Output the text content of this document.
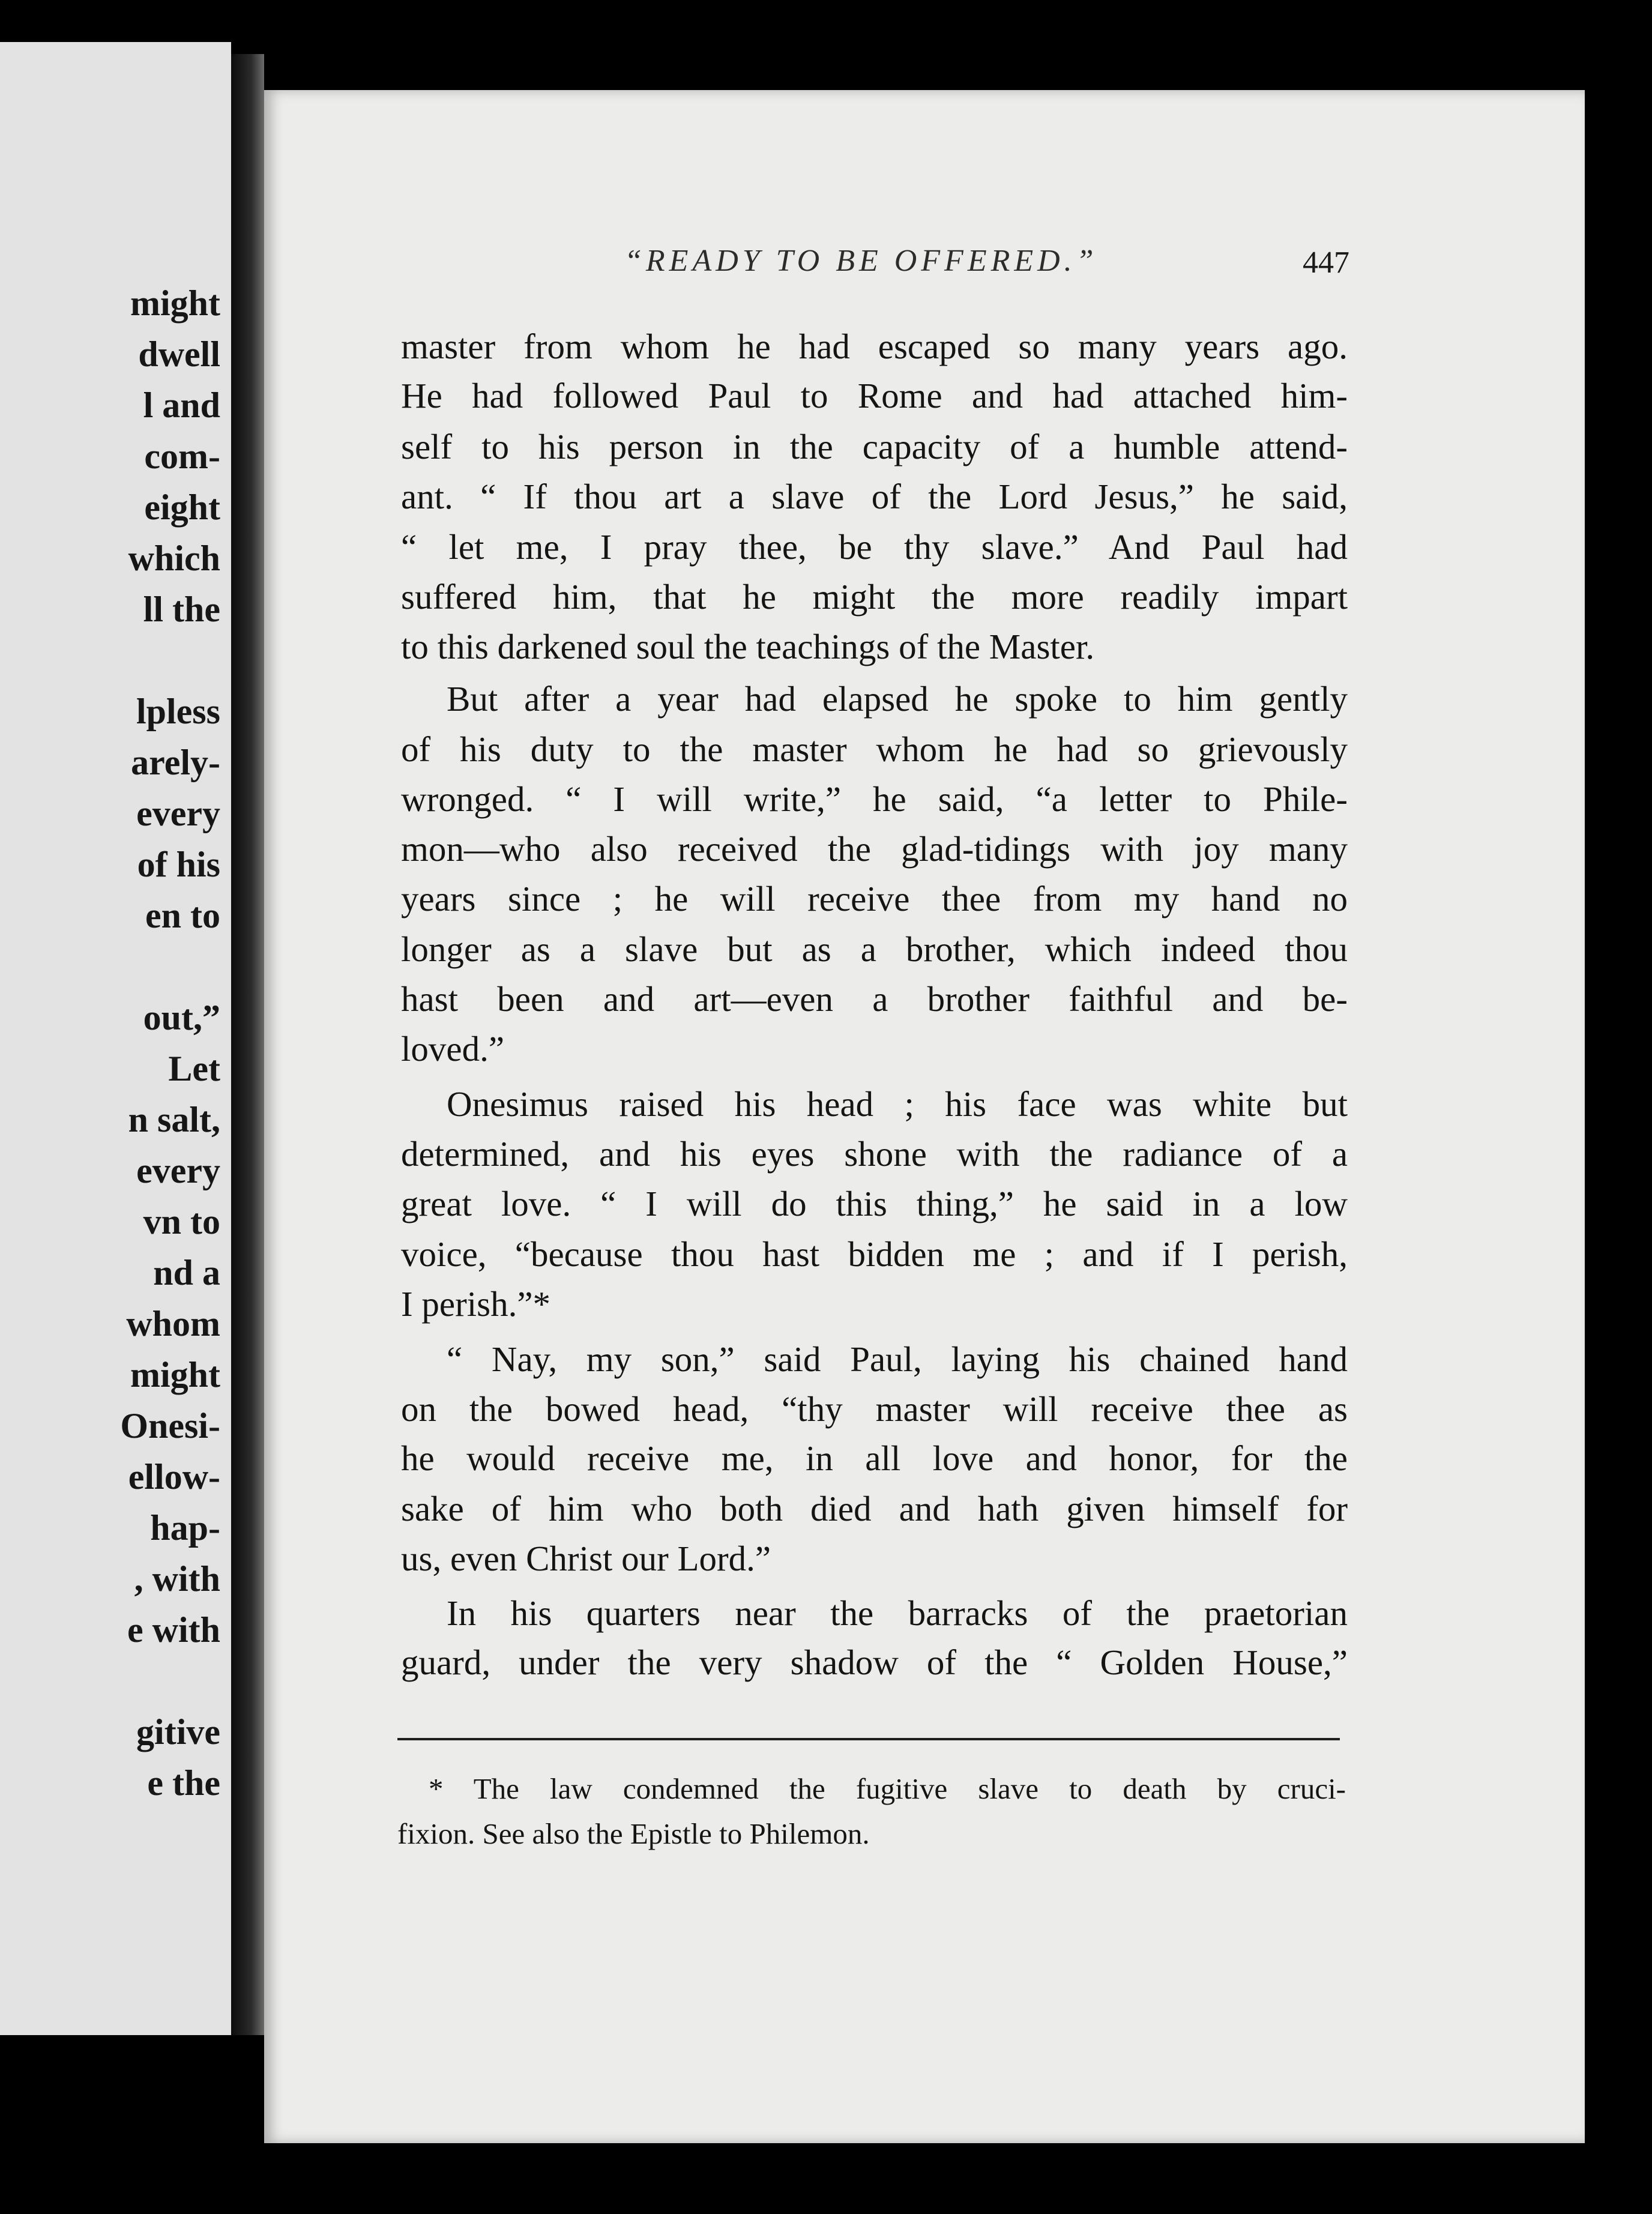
might
dwell
l and
com-
eight
which
ll the
lpless
arely-
every
of his
en to
out,”
Let
n salt,
every
vn to
nd a
whom
might
Onesi-
ellow-
hap-
, with
e with
gitive
e the
“READY TO BE OFFERED.”	447
master from whom he had escaped so many years ago.
He had followed Paul to Rome and had attached him-
self to his person in the capacity of a humble attend-
ant. “ If thou art a slave of the Lord Jesus,” he said,
“ let me, I pray thee, be thy slave.” And Paul had
suffered him, that he might the more readily impart
to this darkened soul the teachings of the Master.
But after a year had elapsed he spoke to him gently
of his duty to the master whom he had so grievously
wronged. “ I will write,” he said, “a letter to Phile-
mon—who also received the glad-tidings with joy many
years since ; he will receive thee from my hand no
longer as a slave but as a brother, which indeed thou
hast been and art—even a brother faithful and be-
loved.”
Onesimus raised his head ; his face was white but
determined, and his eyes shone with the radiance of a
great love. “ I will do this thing,” he said in a low
voice, “because thou hast bidden me ; and if I perish,
I perish.”*
“ Nay, my son,” said Paul, laying his chained hand
on the bowed head, “thy master will receive thee as
he would receive me, in all love and honor, for the
sake of him who both died and hath given himself for
us, even Christ our Lord.”
In his quarters near the barracks of the praetorian
guard, under the very shadow of the “ Golden House,”
* The law condemned the fugitive slave to death by cruci-
fixion. See also the Epistle to Philemon.
